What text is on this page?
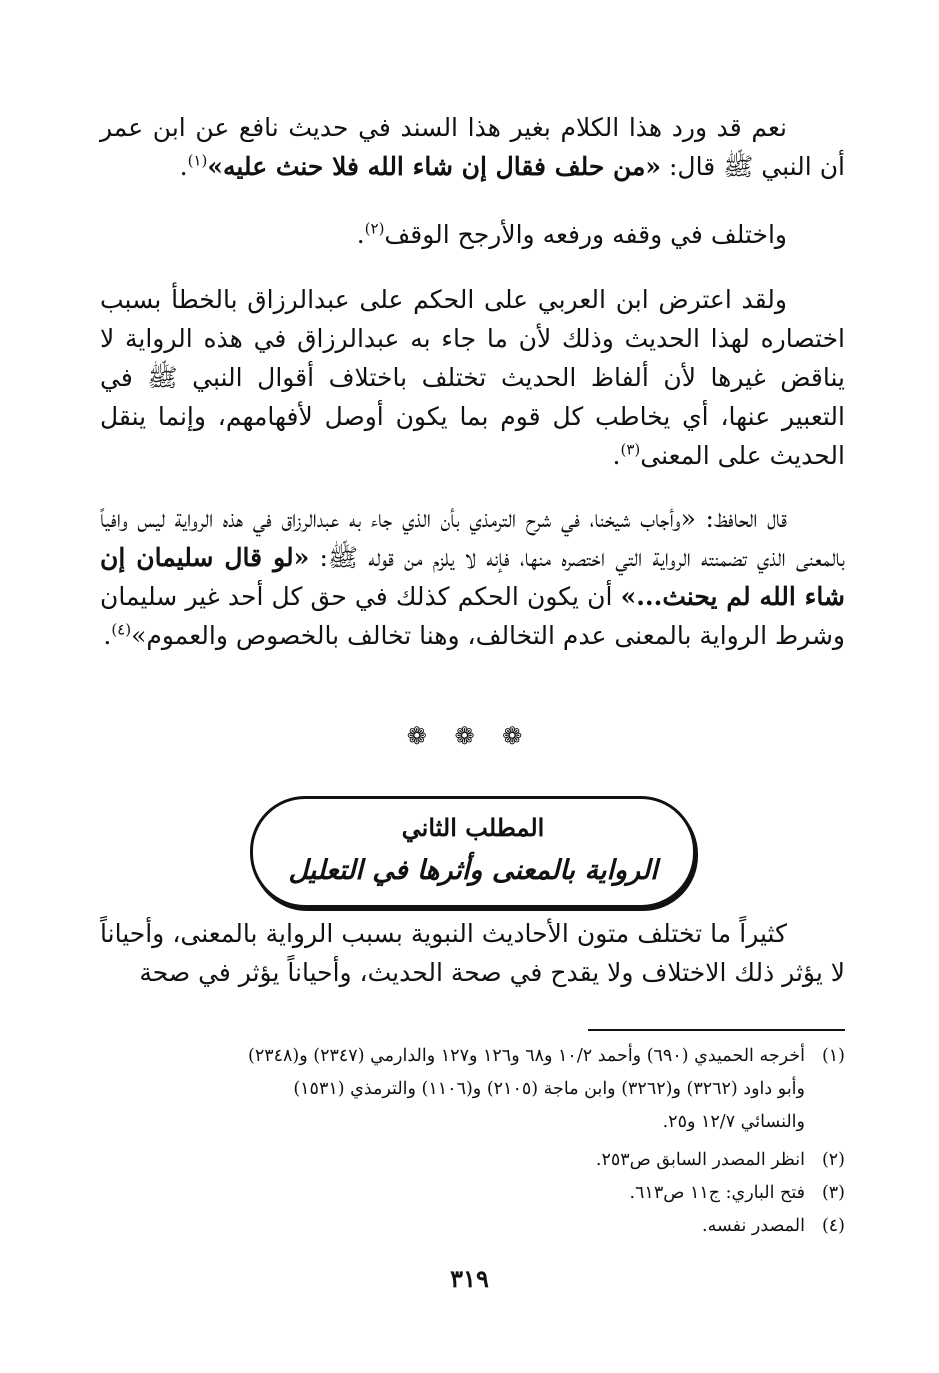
نعم قد ورد هذا الكلام بغير هذا السند في حديث نافع عن ابن عمر أن النبي ﷺ قال: «من حلف فقال إن شاء الله فلا حنث عليه»$^{(١)}$.

واختلف في وقفه ورفعه والأرجح الوقف$^{(٢)}$.

ولقد اعترض ابن العربي على الحكم على عبدالرزاق بالخطأ بسبب اختصاره لهذا الحديث وذلك لأن ما جاء به عبدالرزاق في هذه الرواية لا يناقض غيرها لأن ألفاظ الحديث تختلف باختلاف أقوال النبي ﷺ في التعبير عنها، أي يخاطب كل قوم بما يكون أوصل لأفهامهم، وإنما ينقل الحديث على المعنى$^{(٣)}$.

قال الحافظ: «وأجاب شيخنا، في شرح الترمذي بأن الذي جاء به عبدالرزاق في هذه الرواية ليس وافياً بالمعنى الذي تضمنته الرواية التي اختصره منها، فإنه لا يلزم من قوله ﷺ: «لو قال سليمان إن شاء الله لم يحنث...» أن يكون الحكم كذلك في حق كل أحد غير سليمان وشرط الرواية بالمعنى عدم التخالف، وهنا تخالف بالخصوص والعموم»$^{(٤)}$.

❁ ❁ ❁
المطلب الثاني
الرواية بالمعنى وأثرها في التعليل

كثيراً ما تختلف متون الأحاديث النبوية بسبب الرواية بالمعنى، وأحياناً لا يؤثر ذلك الاختلاف ولا يقدح في صحة الحديث، وأحياناً يؤثر في صحة

(١)أخرجه الحميدي (٦٩٠) وأحمد ١٠/٢ و٦٨ و١٢٦ و١٢٧ والدارمي (٢٣٤٧) و(٢٣٤٨)
وأبو داود (٣٢٦٢) و(٣٢٦٢) وابن ماجة (٢١٠٥) و(١١٠٦) والترمذي (١٥٣١)
والنسائي ١٢/٧ و٢٥.
(٢)انظر المصدر السابق ص٢٥٣.
(٣)فتح الباري: ج١١ ص٦١٣.
(٤)المصدر نفسه.
٣١٩
